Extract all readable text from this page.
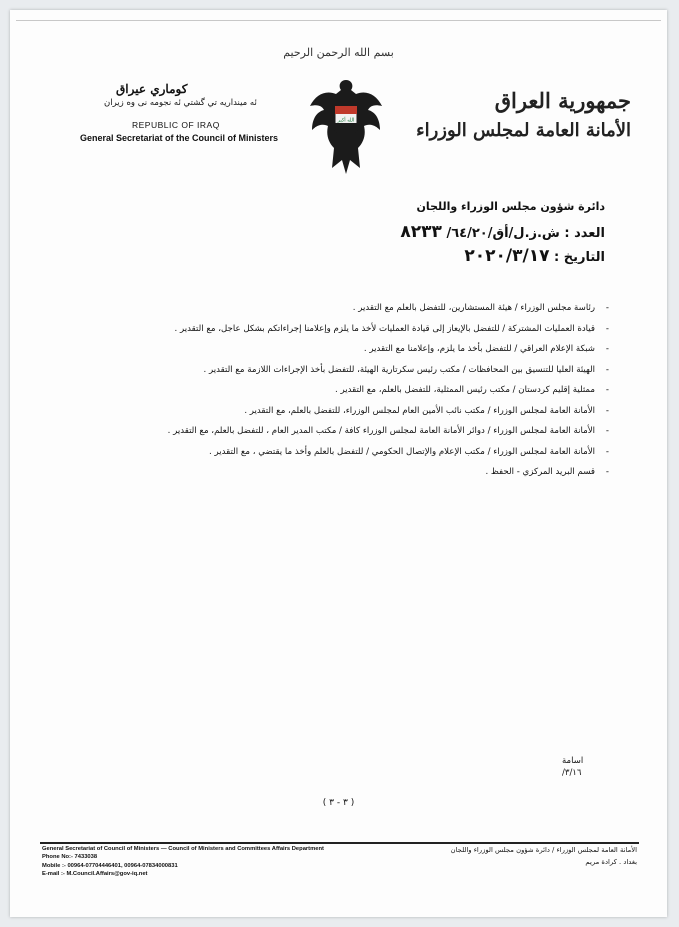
بسم الله الرحمن الرحيم
كوماري عيراق
ئه مينداريه تي گشتي ئه نجومه نى وه زيران
REPUBLIC OF IRAQ
General Secretariat of the Council of Ministers
الله أكبر
جمهورية العراق
الأمانة العامة لمجلس الوزراء
دائرة شؤون مجلس الوزراء واللجان
العدد : ش.ز.ل/أق/٦٤/٢٠/ ٨٢٣٣
التاريخ : ٢٠٢٠/٣/١٧
-رئاسة مجلس الوزراء / هيئة المستشارين، للتفضل بالعلم مع التقدير .
-قيادة العمليات المشتركة / للتفضل بالإيعاز إلى قيادة العمليات لأخذ ما يلزم وإعلامنا إجراءاتكم بشكل عاجل، مع التقدير .
-شبكة الإعلام العراقي / للتفضل بأخذ ما يلزم، وإعلامنا مع التقدير .
-الهيئة العليا للتنسيق بين المحافظات / مكتب رئيس سكرتارية الهيئة، للتفضل بأخذ الإجراءات اللازمة مع التقدير .
-ممثلية إقليم كردستان / مكتب رئيس الممثلية، للتفضل بالعلم، مع التقدير .
-الأمانة العامة لمجلس الوزراء / مكتب نائب الأمين العام لمجلس الوزراء، للتفضل بالعلم، مع التقدير .
-الأمانة العامة لمجلس الوزراء / دوائر الأمانة العامة لمجلس الوزراء كافة / مكتب المدير العام ، للتفضل بالعلم، مع التقدير .
-الأمانة العامة لمجلس الوزراء / مكتب الإعلام والإتصال الحكومي / للتفضل بالعلم وأخذ ما يقتضي ، مع التقدير .
-قسم البريد المركزي - الحفظ .
اسامة
٣/١٦/
( ٣ - ٣ )
General Secretariat of Council of Ministers — Council of Ministers and Committees Affairs Department
Phone No:- 7433038
Mobile :- 00964-07704446401, 00964-07834000831
E-mail :- M.Council.Affairs@gov-iq.net
الأمانة العامة لمجلس الوزراء / دائرة شؤون مجلس الوزراء واللجان
بغداد . كرادة مريم
